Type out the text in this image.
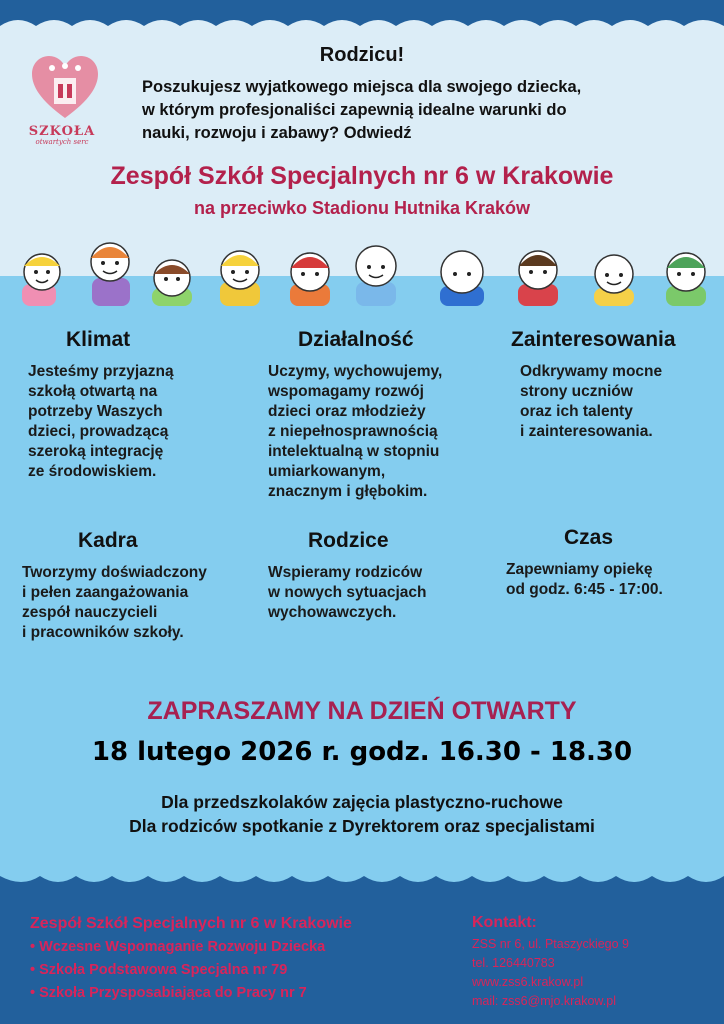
SZKOŁA
otwartych serc
Rodzicu!
Poszukujesz wyjatkowego miejsca dla swojego dziecka,
w którym profesjonaliści zapewnią idealne warunki do
nauki, rozwoju i zabawy? Odwiedź
Zespół Szkół Specjalnych nr 6 w Krakowie
na przeciwko Stadionu Hutnika Kraków
Klimat
Jesteśmy przyjazną
szkołą otwartą na
potrzeby Waszych
dzieci, prowadzącą
szeroką integrację
ze środowiskiem.
Działalność
Uczymy, wychowujemy,
wspomagamy rozwój
dzieci oraz młodzieży
z niepełnosprawnością
intelektualną w stopniu
umiarkowanym,
znacznym i głębokim.
Zainteresowania
Odkrywamy mocne
strony uczniów
oraz ich talenty
i zainteresowania.
Kadra
Tworzymy doświadczony
i pełen zaangażowania
zespół nauczycieli
i pracowników szkoły.
Rodzice
Wspieramy rodziców
w nowych sytuacjach
wychowawczych.
Czas
Zapewniamy opiekę
od godz. 6:45 - 17:00.
ZAPRASZAMY NA DZIEŃ OTWARTY
18 lutego 2026 r. godz. 16.30 - 18.30
Dla przedszkolaków zajęcia plastyczno-ruchowe
Dla rodziców spotkanie z Dyrektorem oraz specjalistami
Zespół Szkół Specjalnych nr 6 w Krakowie
• Wczesne Wspomaganie Rozwoju Dziecka
• Szkoła Podstawowa Specjalna nr 79
• Szkoła Przysposabiająca do Pracy nr 7
Kontakt:
ZSS nr 6, ul. Ptaszyckiego 9
tel. 126440783
www.zss6.krakow.pl
mail: zss6@mjo.krakow.pl
